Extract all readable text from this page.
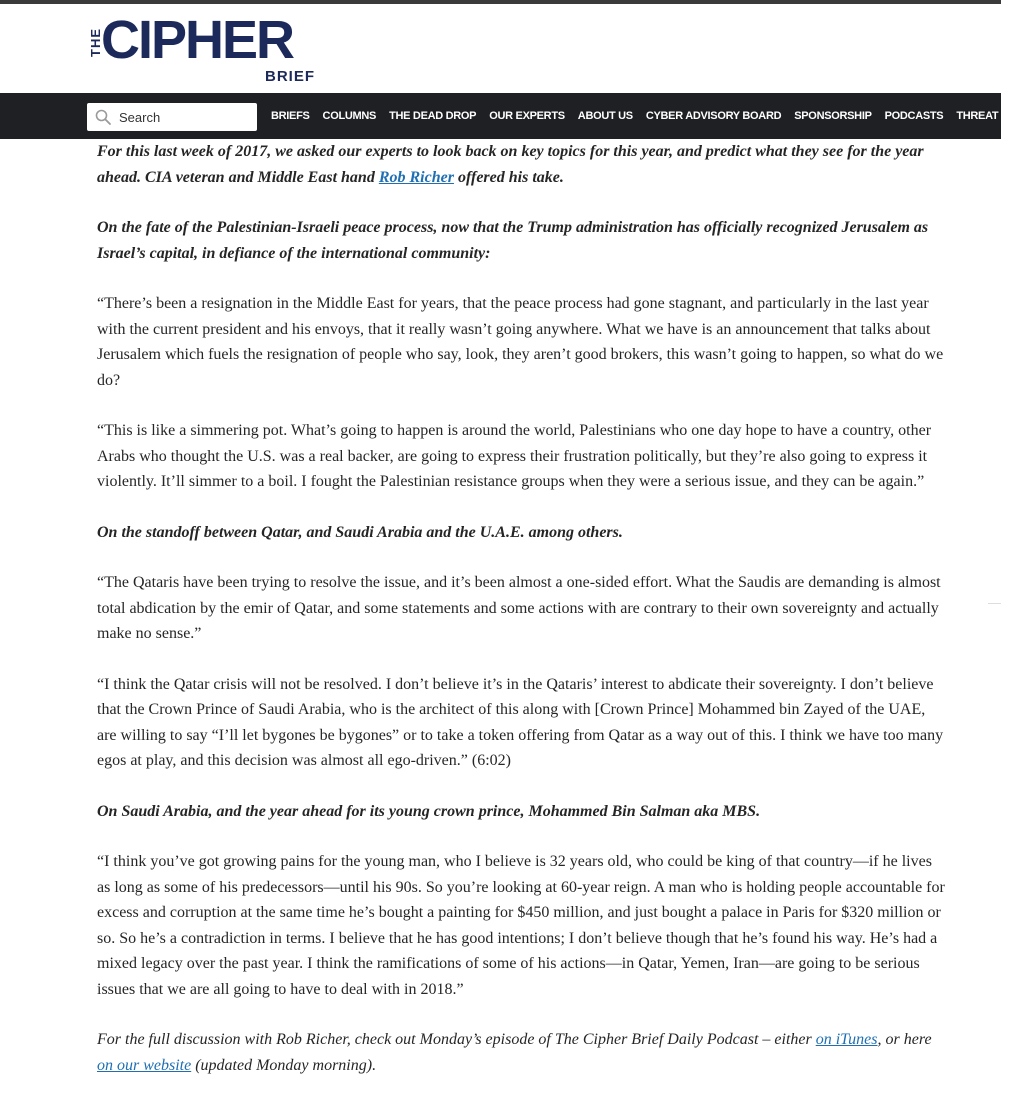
THE
CIPHER
BRIEF
Search
BRIEFS COLUMNS THE DEAD DROP OUR EXPERTS ABOUT US CYBER ADVISORY BOARD SPONSORSHIP PODCASTS THREAT CO

For this last week of 2017, we asked our experts to look back on key topics for this year, and predict what they see for the year ahead. CIA veteran and Middle East hand Rob Richer offered his take.

On the fate of the Palestinian-Israeli peace process, now that the Trump administration has officially recognized Jerusalem as Israel’s capital, in defiance of the international community:

“There’s been a resignation in the Middle East for years, that the peace process had gone stagnant, and particularly in the last year with the current president and his envoys, that it really wasn’t going anywhere. What we have is an announcement that talks about Jerusalem which fuels the resignation of people who say, look, they aren’t good brokers, this wasn’t going to happen, so what do we do?

“This is like a simmering pot. What’s going to happen is around the world, Palestinians who one day hope to have a country, other Arabs who thought the U.S. was a real backer, are going to express their frustration politically, but they’re also going to express it violently. It’ll simmer to a boil. I fought the Palestinian resistance groups when they were a serious issue, and they can be again.”

On the standoff between Qatar, and Saudi Arabia and the U.A.E. among others.

“The Qataris have been trying to resolve the issue, and it’s been almost a one-sided effort. What the Saudis are demanding is almost total abdication by the emir of Qatar, and some statements and some actions with are contrary to their own sovereignty and actually make no sense.”

“I think the Qatar crisis will not be resolved. I don’t believe it’s in the Qataris’ interest to abdicate their sovereignty. I don’t believe that the Crown Prince of Saudi Arabia, who is the architect of this along with [Crown Prince] Mohammed bin Zayed of the UAE, are willing to say “I’ll let bygones be bygones” or to take a token offering from Qatar as a way out of this. I think we have too many egos at play, and this decision was almost all ego-driven.” (6:02)

On Saudi Arabia, and the year ahead for its young crown prince, Mohammed Bin Salman aka MBS.

“I think you’ve got growing pains for the young man, who I believe is 32 years old, who could be king of that country—if he lives as long as some of his predecessors—until his 90s. So you’re looking at 60-year reign. A man who is holding people accountable for excess and corruption at the same time he’s bought a painting for $450 million, and just bought a palace in Paris for $320 million or so. So he’s a contradiction in terms. I believe that he has good intentions; I don’t believe though that he’s found his way. He’s had a mixed legacy over the past year. I think the ramifications of some of his actions—in Qatar, Yemen, Iran—are going to be serious issues that we are all going to have to deal with in 2018.”

For the full discussion with Rob Richer, check out Monday’s episode of The Cipher Brief Daily Podcast – either on iTunes, or here on our website (updated Monday morning).
